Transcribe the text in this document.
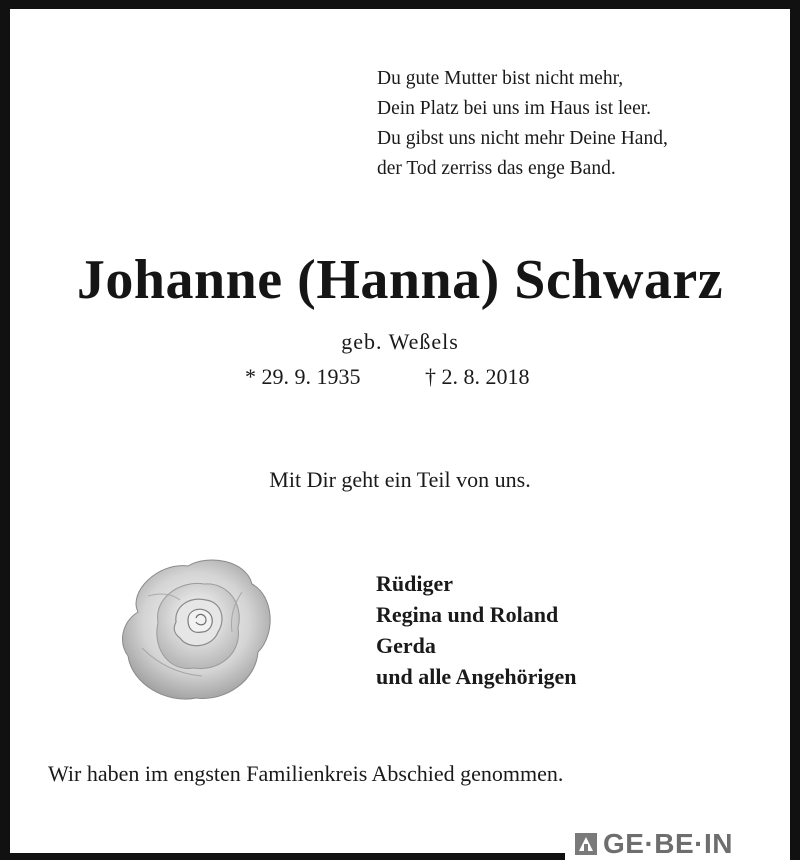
Du gute Mutter bist nicht mehr,
Dein Platz bei uns im Haus ist leer.
Du gibst uns nicht mehr Deine Hand,
der Tod zerriss das enge Band.
Johanne (Hanna) Schwarz
geb. Weßels
* 29. 9. 1935	† 2. 8. 2018
Mit Dir geht ein Teil von uns.
Rüdiger
Regina und Roland
Gerda
und alle Angehörigen
Wir haben im engsten Familienkreis Abschied genommen.
GE·BE·IN
